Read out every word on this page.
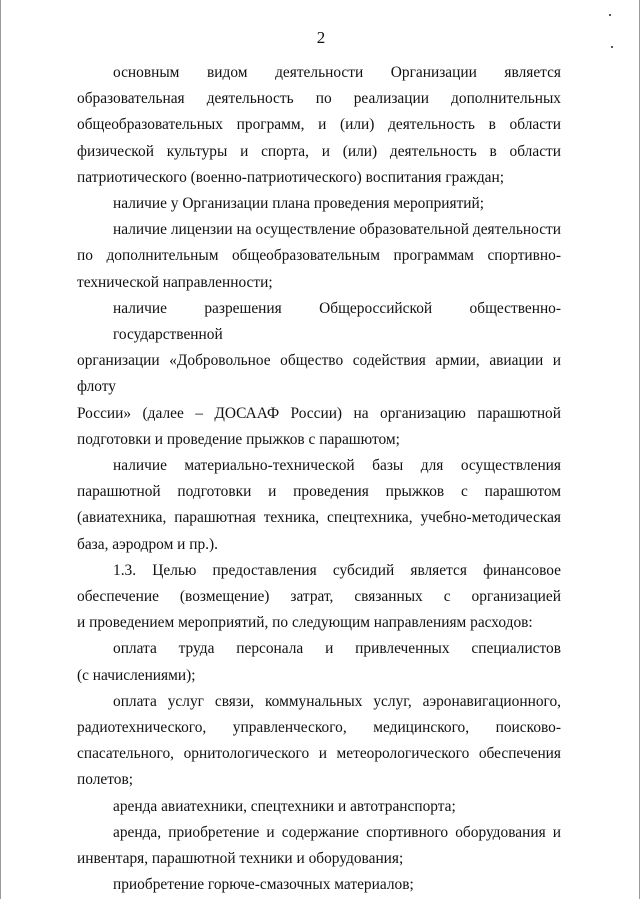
2
основным видом деятельности Организации является
образовательная деятельность по реализации дополнительных
общеобразовательных программ, и (или) деятельность в области
физической культуры и спорта, и (или) деятельность в области
патриотического (военно-патриотического) воспитания граждан;
наличие у Организации плана проведения мероприятий;
наличие лицензии на осуществление образовательной деятельности
по дополнительным общеобразовательным программам спортивно-
технической направленности;
наличие разрешения Общероссийской общественно-государственной
организации «Добровольное общество содействия армии, авиации и флоту
России» (далее – ДОСААФ России) на организацию парашютной
подготовки и проведение прыжков с парашютом;
наличие материально-технической базы для осуществления
парашютной подготовки и проведения прыжков с парашютом
(авиатехника, парашютная техника, спецтехника, учебно-методическая
база, аэродром и пр.).
1.3. Целью предоставления субсидий является финансовое
обеспечение (возмещение) затрат, связанных с организацией
и проведением мероприятий, по следующим направлениям расходов:
оплата труда персонала и привлеченных специалистов
(с начислениями);
оплата услуг связи, коммунальных услуг, аэронавигационного,
радиотехнического, управленческого, медицинского, поисково-
спасательного, орнитологического и метеорологического обеспечения
полетов;
аренда авиатехники, спецтехники и автотранспорта;
аренда, приобретение и содержание спортивного оборудования и
инвентаря, парашютной техники и оборудования;
приобретение горюче-смазочных материалов;
